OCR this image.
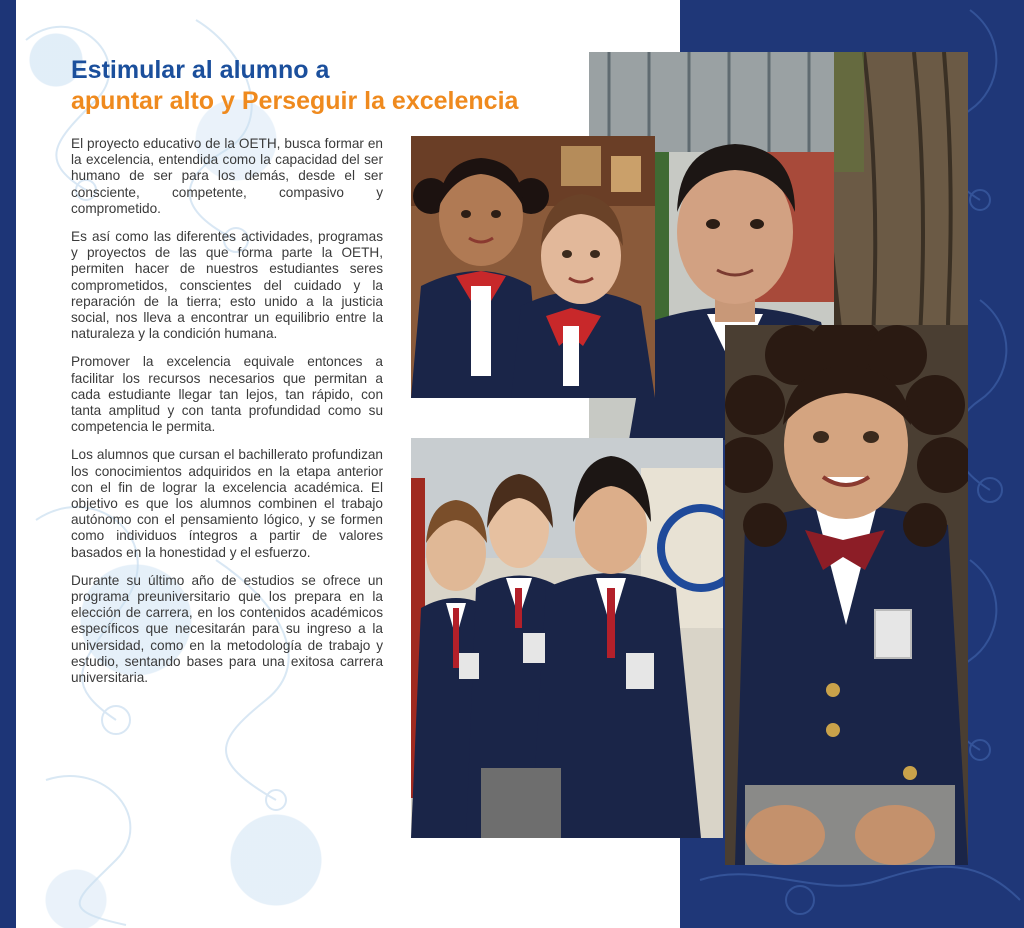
Estimular al alumno a
apuntar alto y Perseguir la excelencia

El proyecto educativo de la OETH, busca formar en la excelencia, entendida como la capacidad del ser humano de ser para los demás, desde el ser consciente, competente, compasivo y comprometido.

Es así como las diferentes actividades, programas y proyectos de las que forma parte la OETH, permiten hacer de nuestros estudiantes seres comprometidos, conscientes del cuidado y la reparación de la tierra; esto unido a la justicia social, nos lleva a encontrar un equilibrio entre la naturaleza y la condición humana.

Promover la excelencia equivale entonces a facilitar los recursos necesarios que permitan a cada estudiante llegar tan lejos, tan rápido, con tanta amplitud y con tanta profundidad como su competencia le permita.

Los alumnos que cursan el bachillerato profundizan los conocimientos adquiridos en la etapa anterior con el fin de lograr la excelencia académica. El objetivo es que los alumnos combinen el trabajo autónomo con el pensamiento lógico, y se formen como individuos íntegros a partir de valores basados en la honestidad y el esfuerzo.

Durante su último año de estudios se ofrece un programa preuniversitario que los prepara en la elección de carrera, en los contenidos académicos específicos que necesitarán para su ingreso a la universidad, como en la metodología de trabajo y estudio, sentando bases para una exitosa carrera universitaria.
